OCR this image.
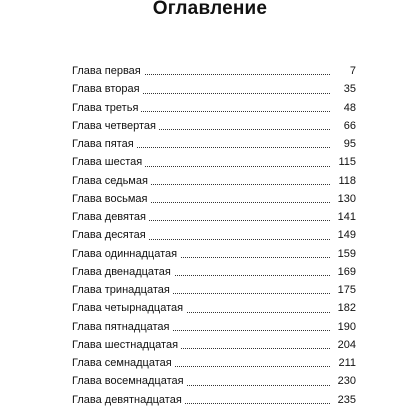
Оглавление
Глава первая	7
Глава вторая	35
Глава третья	48
Глава четвертая	66
Глава пятая	95
Глава шестая	115
Глава седьмая	118
Глава восьмая	130
Глава девятая	141
Глава десятая	149
Глава одиннадцатая	159
Глава двенадцатая	169
Глава тринадцатая	175
Глава четырнадцатая	182
Глава пятнадцатая	190
Глава шестнадцатая	204
Глава семнадцатая	211
Глава восемнадцатая	230
Глава девятнадцатая	235
